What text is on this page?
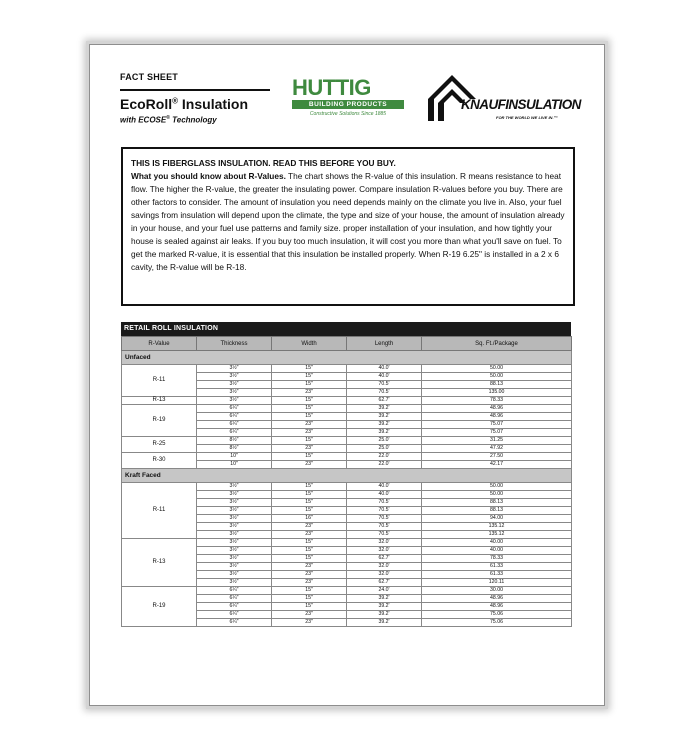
FACT SHEET
EcoRoll® Insulation
with ECOSE® Technology
HUTTIG
BUILDING PRODUCTS
Constructive Solutions Since 1885
KNAUFINSULATION
FOR THE WORLD WE LIVE IN.™

THIS IS FIBERGLASS INSULATION. READ THIS BEFORE YOU BUY.

What you should know about R-Values. The chart shows the R-value of this insulation. R means resistance to heat flow. The higher the R-value, the greater the insulating power. Compare insulation R-values before you buy. There are other factors to consider. The amount of insulation you need depends mainly on the climate you live in. Also, your fuel savings from insulation will depend upon the climate, the type and size of your house, the amount of insulation already in your house, and your fuel use patterns and family size. proper installation of your insulation, and how tightly your house is sealed against air leaks. If you buy too much insulation, it will cost you more than what you'll save on fuel. To get the marked R-value, it is essential that this insulation be installed properly. When R-19 6.25" is installed in a 2 x 6 cavity, the R-value will be R-18.

RETAIL ROLL INSULATION
R-Value	Thickness	Width	Length	Sq. Ft./Package
Unfaced				
R-11	3½"	15"	40.0'	50.00
	3½"	15"	40.0'	50.00
	3½"	15"	70.5'	88.13
	3½"	23"	70.5'	135.00
R-13	3½"	15"	62.7'	78.33
R-19	6¼"	15"	39.2'	48.96
	6¼"	15"	39.2'	48.96
	6¼"	23"	39.2'	75.07
	6¼"	23"	39.2'	75.07
R-25	8½"	15"	25.0'	31.25
	8½"	23"	25.0'	47.92
R-30	10"	15"	22.0'	27.50
	10"	23"	22.0'	42.17
Kraft Faced				
R-11	3½"	15"	40.0'	50.00
	3½"	15"	40.0'	50.00
	3½"	15"	70.5'	88.13
	3½"	15"	70.5'	88.13
	3½"	16"	70.5'	94.00
	3½"	23"	70.5'	135.12
	3½"	23"	70.5'	135.12
R-13	3½"	15"	32.0'	40.00
	3½"	15"	32.0'	40.00
	3½"	15"	62.7'	78.33
	3½"	23"	32.0'	61.33
	3½"	23"	32.0'	61.33
	3½"	23"	62.7'	120.11
R-19	6¼"	15"	24.0'	30.00
	6¼"	15"	39.2'	48.96
	6¼"	15"	39.2'	48.96
	6¼"	23"	39.2'	75.06
	6¼"	23"	39.2'	75.06
